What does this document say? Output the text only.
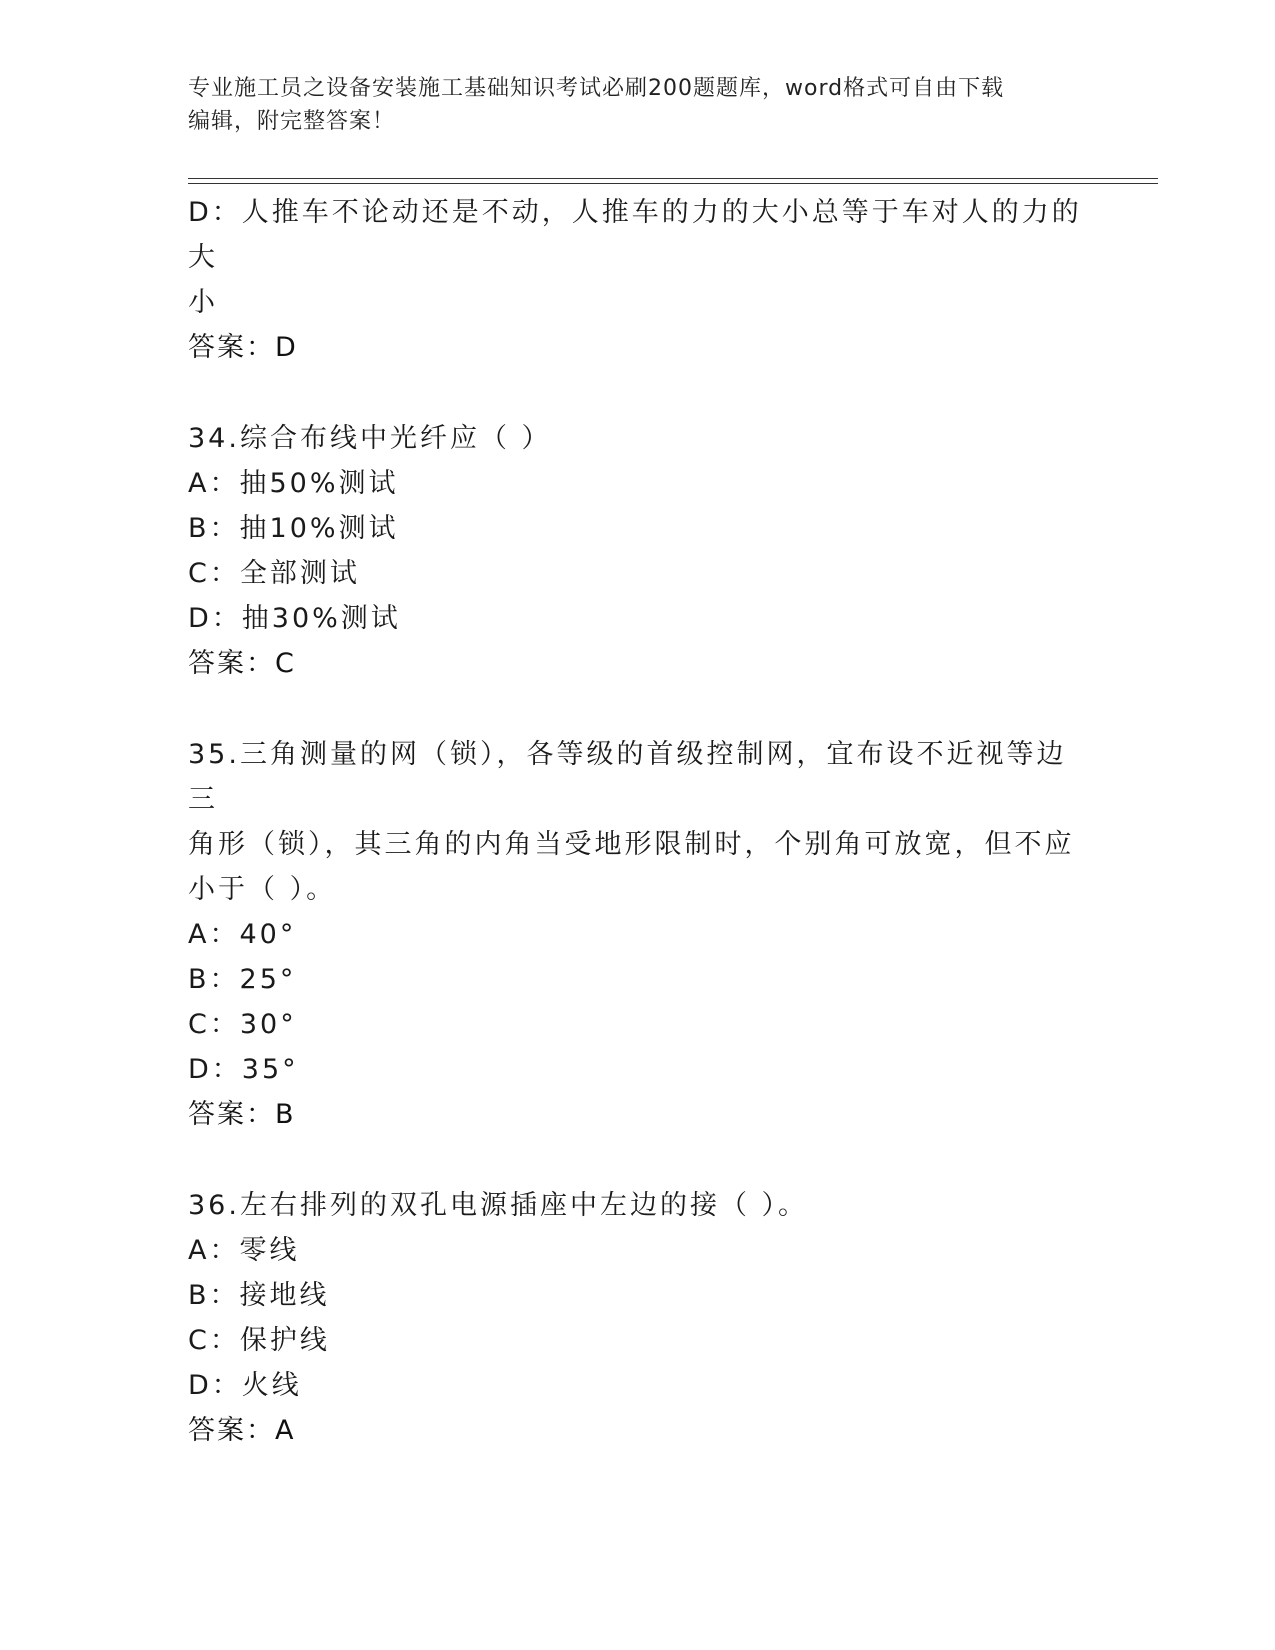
专业施工员之设备安装施工基础知识考试必刷200题题库，word格式可自由下载
编辑，附完整答案！
D：人推车不论动还是不动，人推车的力的大小总等于车对人的力的大
小
答案：D
34.综合布线中光纤应（ ）
A：抽50%测试
B：抽10%测试
C：全部测试
D：抽30%测试
答案：C
35.三角测量的网（锁），各等级的首级控制网，宜布设不近视等边三
角形（锁），其三角的内角当受地形限制时，个别角可放宽，但不应
小于（ ）。
A：40°
B：25°
C：30°
D：35°
答案：B
36.左右排列的双孔电源插座中左边的接（ ）。
A：零线
B：接地线
C：保护线
D：火线
答案：A
